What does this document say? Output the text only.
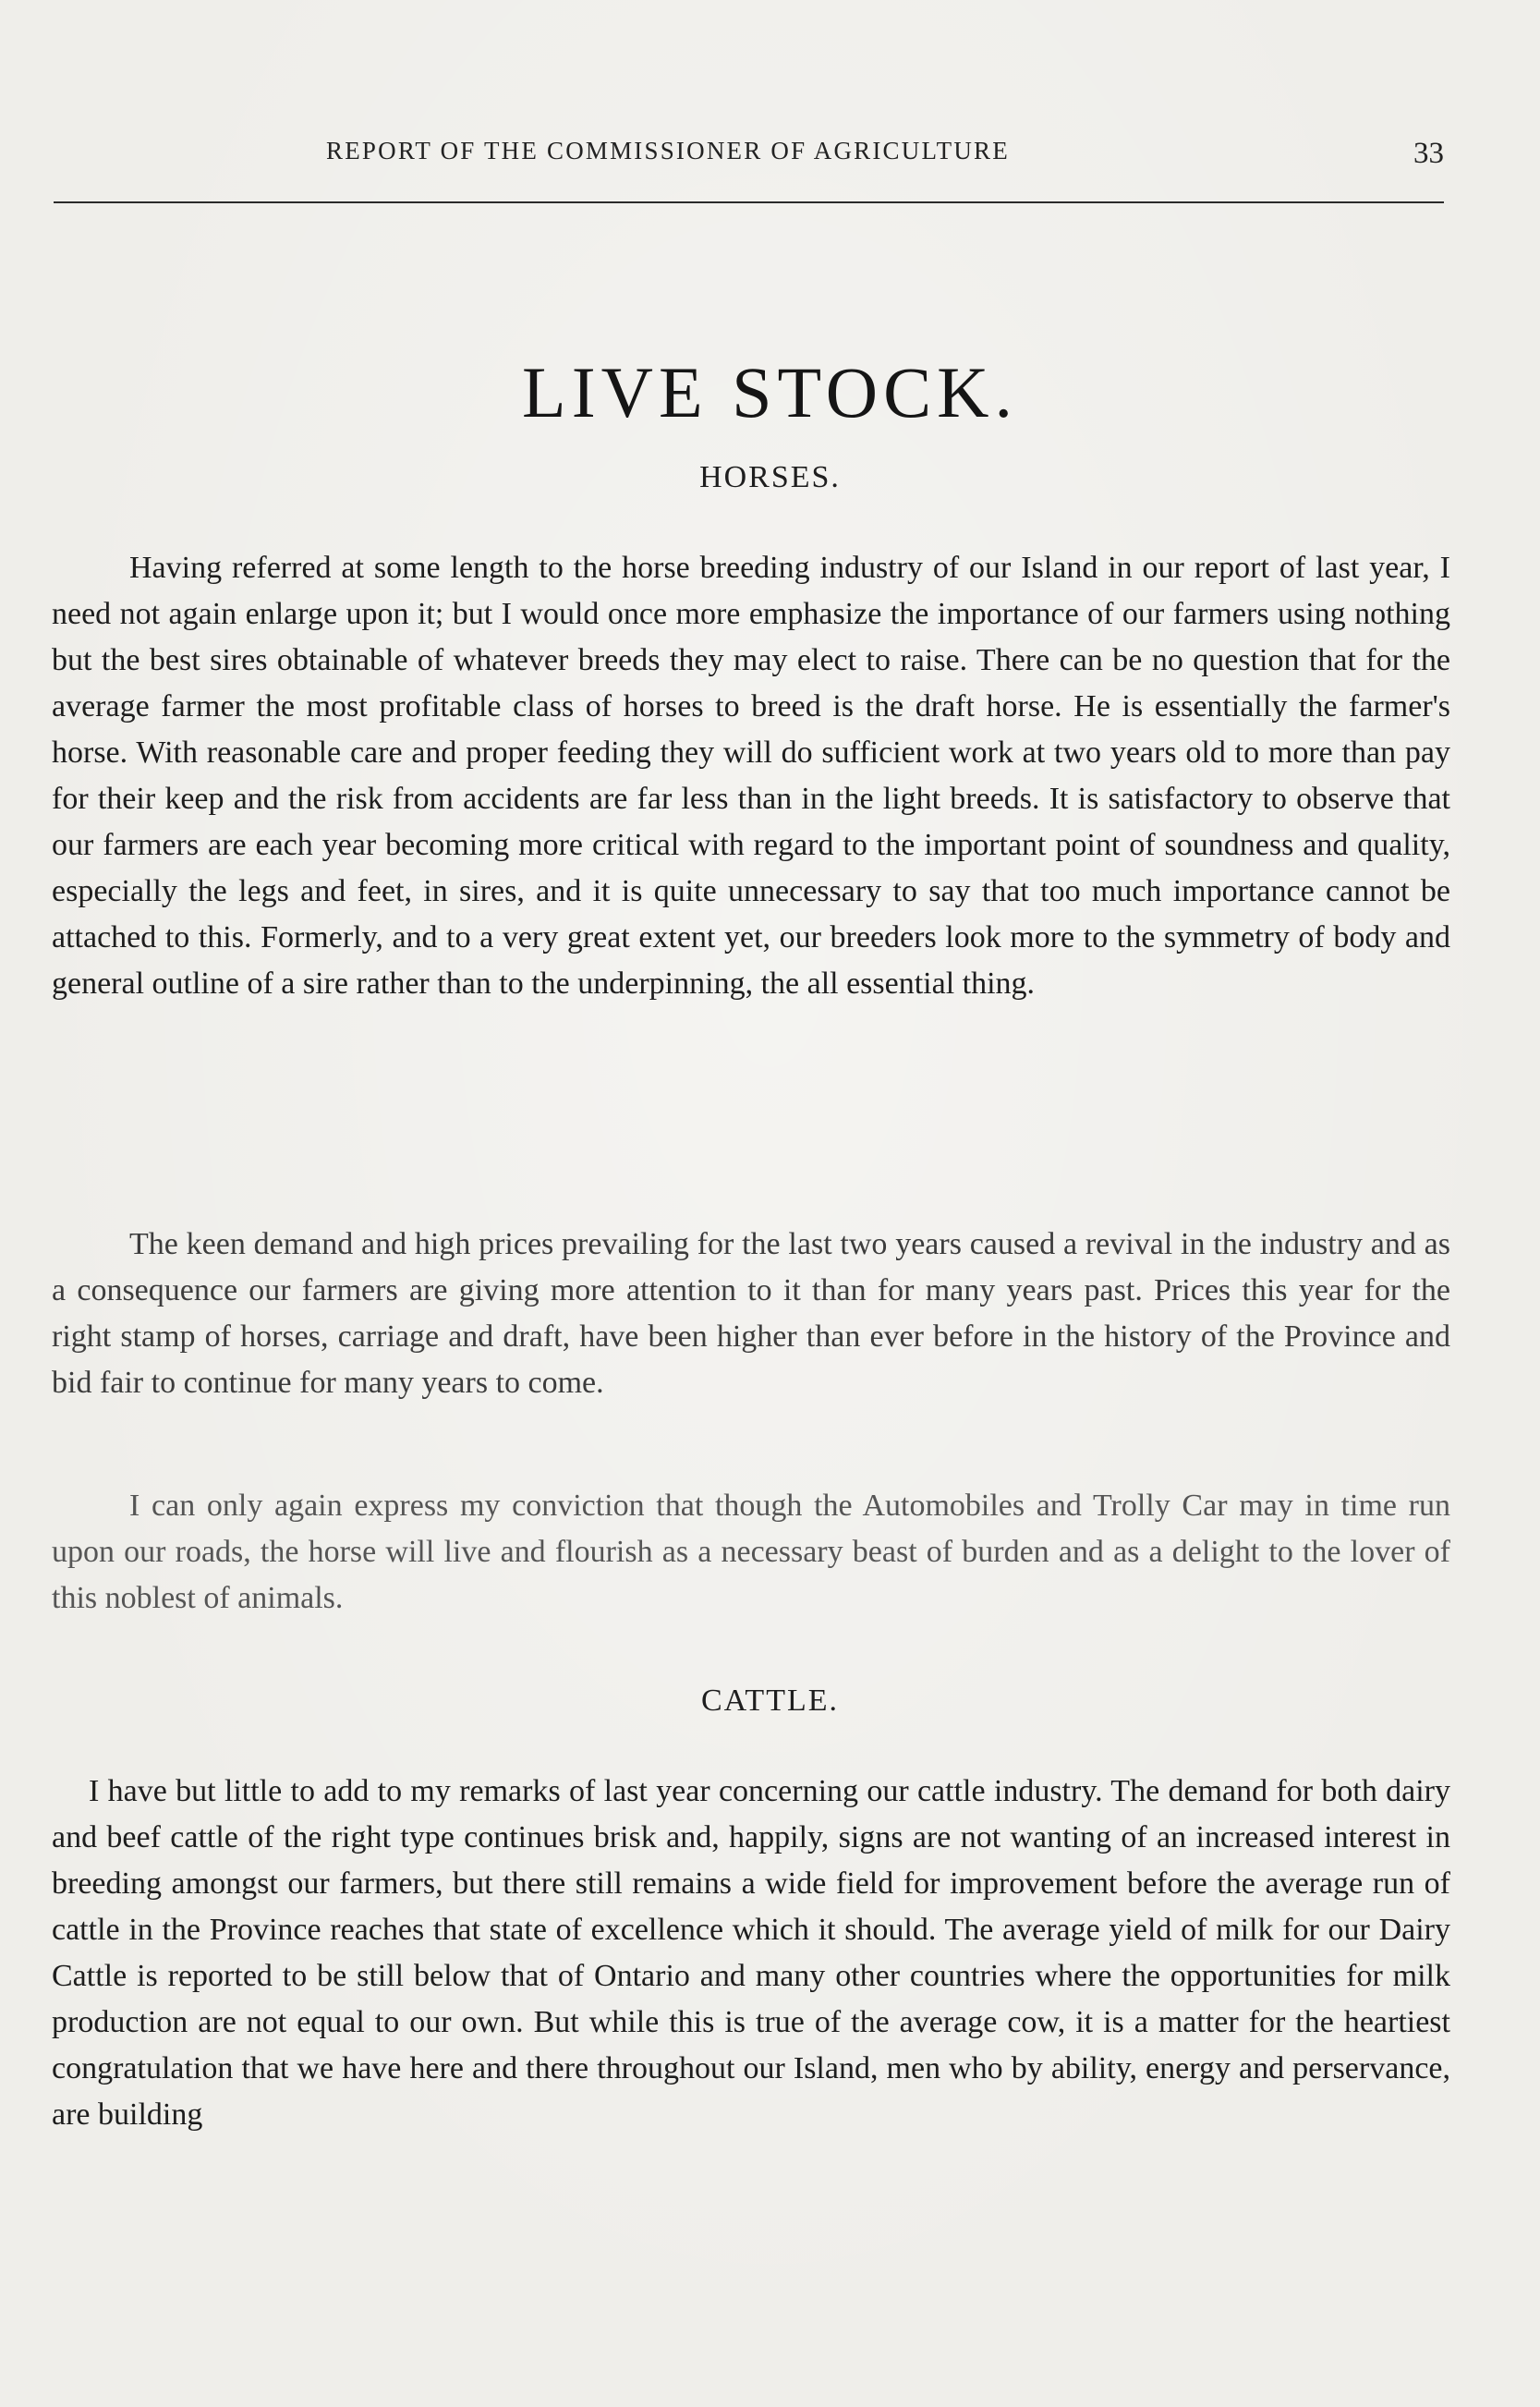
REPORT OF THE COMMISSIONER OF AGRICULTURE	33
LIVE STOCK.
HORSES.

Having referred at some length to the horse breeding industry of our Island in our report of last year, I need not again enlarge upon it; but I would once more emphasize the importance of our farmers using nothing but the best sires obtainable of whatever breeds they may elect to raise. There can be no question that for the average farmer the most profitable class of horses to breed is the draft horse. He is essentially the farmer's horse. With reasonable care and proper feeding they will do sufficient work at two years old to more than pay for their keep and the risk from accidents are far less than in the light breeds. It is satisfactory to observe that our farmers are each year becoming more critical with regard to the important point of soundness and quality, especially the legs and feet, in sires, and it is quite unnecessary to say that too much importance cannot be attached to this. Formerly, and to a very great extent yet, our breeders look more to the symmetry of body and general outline of a sire rather than to the underpinning, the all essential thing.

The keen demand and high prices prevailing for the last two years caused a revival in the industry and as a consequence our farmers are giving more attention to it than for many years past. Prices this year for the right stamp of horses, carriage and draft, have been higher than ever before in the history of the Province and bid fair to continue for many years to come.

I can only again express my conviction that though the Automobiles and Trolly Car may in time run upon our roads, the horse will live and flourish as a necessary beast of burden and as a delight to the lover of this noblest of animals.

CATTLE.

I have but little to add to my remarks of last year concerning our cattle industry. The demand for both dairy and beef cattle of the right type continues brisk and, happily, signs are not wanting of an increased interest in breeding amongst our farmers, but there still remains a wide field for improvement before the average run of cattle in the Province reaches that state of excellence which it should. The average yield of milk for our Dairy Cattle is reported to be still below that of Ontario and many other countries where the opportunities for milk production are not equal to our own. But while this is true of the average cow, it is a matter for the heartiest congratulation that we have here and there throughout our Island, men who by ability, energy and perservance, are building
